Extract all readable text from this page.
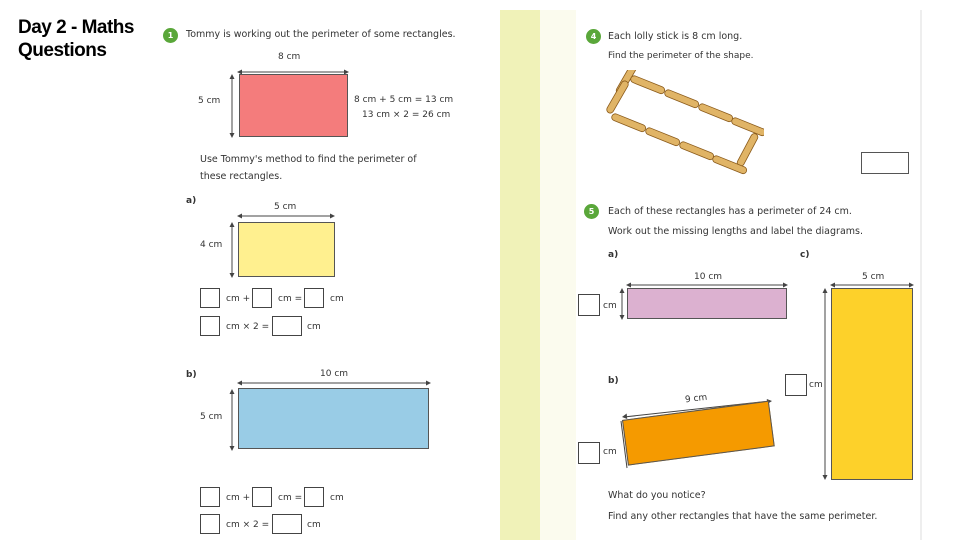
Day 2 - Maths
Questions
1	Tommy is working out the perimeter of some rectangles.
8 cm
5 cm	8 cm + 5 cm = 13 cm
13 cm × 2 = 26 cm
Use Tommy's method to find the perimeter of
these rectangles.
a)
5 cm
4 cm
cm +	cm =	cm
cm × 2 =	cm
b)	10 cm
5 cm
cm +	cm =	cm
cm × 2 =	cm
4	Each lolly stick is 8 cm long.
Find the perimeter of the shape.
5	Each of these rectangles has a perimeter of 24 cm.
Work out the missing lengths and label the diagrams.
a)
10 cm
cm
b)
9 cm
cm
c)
5 cm
cm
What do you notice?
Find any other rectangles that have the same perimeter.
